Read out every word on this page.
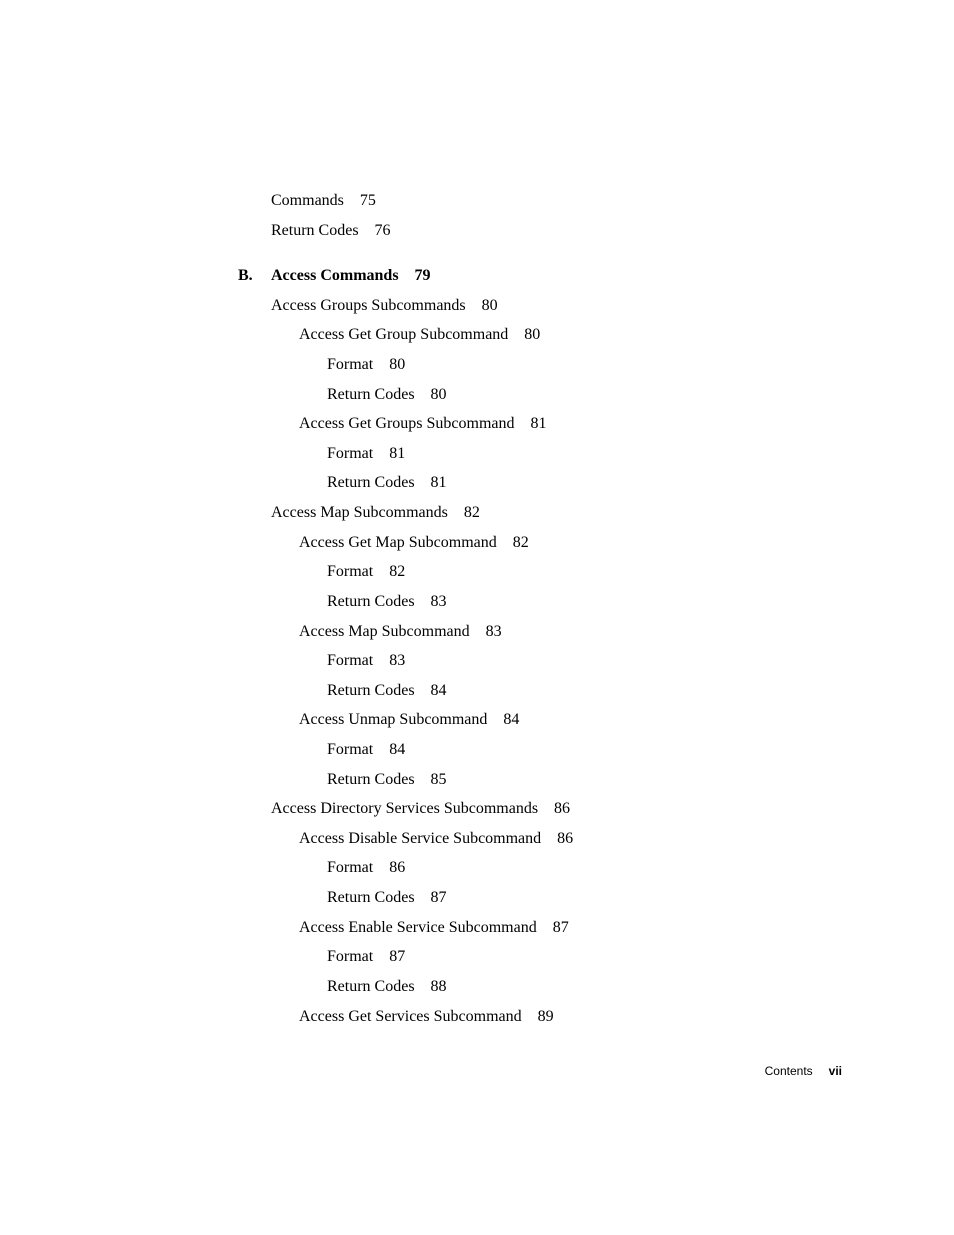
Commands 75
Return Codes 76
B. Access Commands 79
Access Groups Subcommands 80
Access Get Group Subcommand 80
Format 80
Return Codes 80
Access Get Groups Subcommand 81
Format 81
Return Codes 81
Access Map Subcommands 82
Access Get Map Subcommand 82
Format 82
Return Codes 83
Access Map Subcommand 83
Format 83
Return Codes 84
Access Unmap Subcommand 84
Format 84
Return Codes 85
Access Directory Services Subcommands 86
Access Disable Service Subcommand 86
Format 86
Return Codes 87
Access Enable Service Subcommand 87
Format 87
Return Codes 88
Access Get Services Subcommand 89
Contents vii
